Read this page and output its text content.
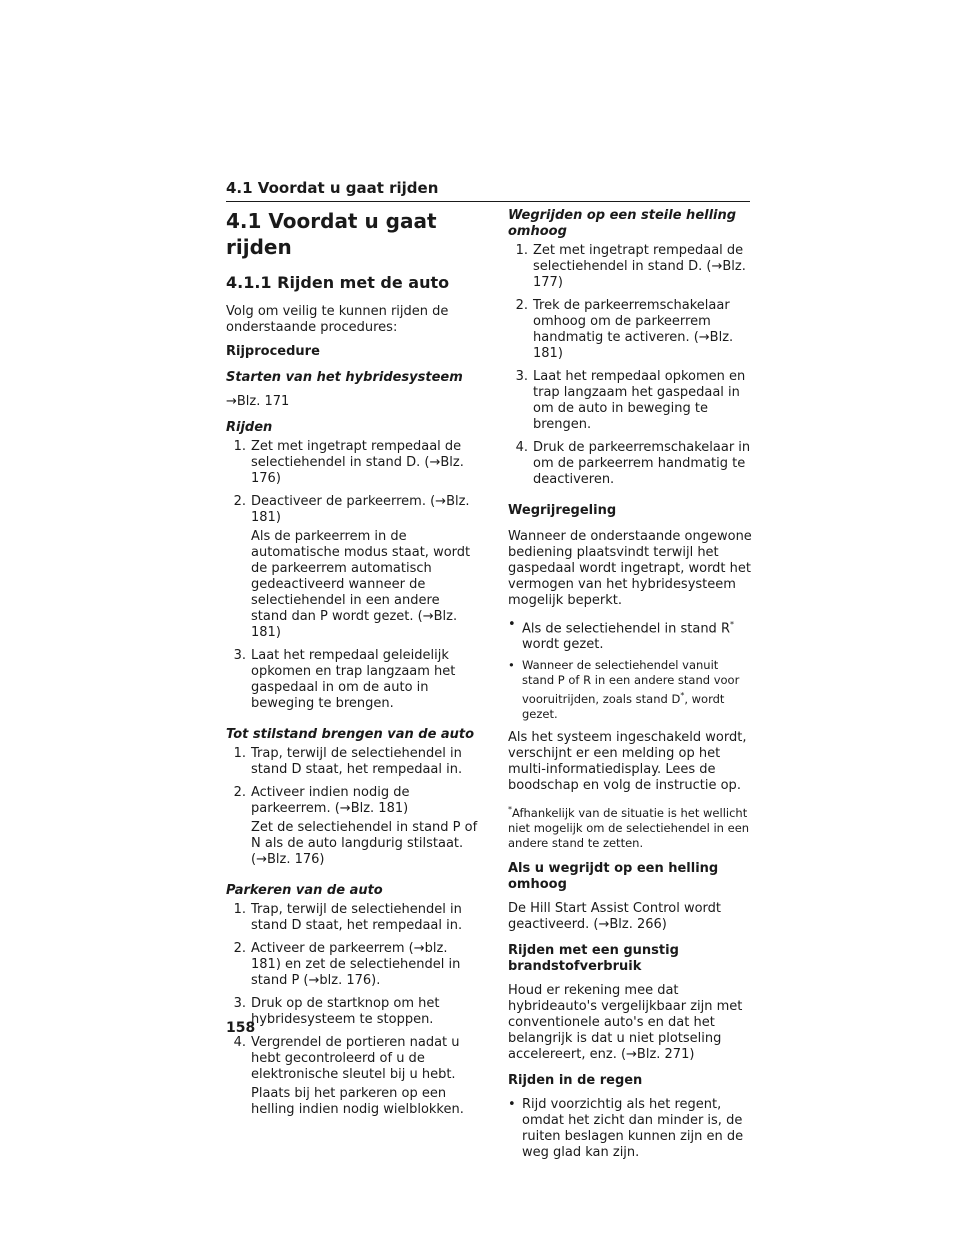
4.1 Voordat u gaat rijden
4.1 Voordat u gaat rijden
4.1.1 Rijden met de auto

Volg om veilig te kunnen rijden de onderstaande procedures:

Rijprocedure

Starten van het hybridesysteem

→Blz. 171

Rijden

1. Zet met ingetrapt rempedaal de selectiehendel in stand D. (→Blz. 176)

2. Deactiveer de parkeerrem. (→Blz. 181)

Als de parkeerrem in de automatische modus staat, wordt de parkeerrem automatisch gedeactiveerd wanneer de selectiehendel in een andere stand dan P wordt gezet. (→Blz. 181)

3. Laat het rempedaal geleidelijk opkomen en trap langzaam het gaspedaal in om de auto in beweging te brengen.

Tot stilstand brengen van de auto

1. Trap, terwijl de selectiehendel in stand D staat, het rempedaal in.

2. Activeer indien nodig de parkeerrem. (→Blz. 181)

Zet de selectiehendel in stand P of N als de auto langdurig stilstaat. (→Blz. 176)

Parkeren van de auto

1. Trap, terwijl de selectiehendel in stand D staat, het rempedaal in.

2. Activeer de parkeerrem (→blz. 181) en zet de selectiehendel in stand P (→blz. 176).

3. Druk op de startknop om het hybridesysteem te stoppen.

4. Vergrendel de portieren nadat u hebt gecontroleerd of u de elektronische sleutel bij u hebt.

Plaats bij het parkeren op een helling indien nodig wielblokken.

Wegrijden op een steile helling omhoog

1. Zet met ingetrapt rempedaal de selectiehendel in stand D. (→Blz. 177)

2. Trek de parkeerremschakelaar omhoog om de parkeerrem handmatig te activeren. (→Blz. 181)

3. Laat het rempedaal opkomen en trap langzaam het gaspedaal in om de auto in beweging te brengen.

4. Druk de parkeerremschakelaar in om de parkeerrem handmatig te deactiveren.

Wegrijregeling

Wanneer de onderstaande ongewone bediening plaatsvindt terwijl het gaspedaal wordt ingetrapt, wordt het vermogen van het hybridesysteem mogelijk beperkt.

• Als de selectiehendel in stand R*
wordt gezet.
• Wanneer de selectiehendel vanuit stand P of R in een andere stand voor vooruitrijden, zoals stand D*, wordt gezet.

Als het systeem ingeschakeld wordt, verschijnt er een melding op het multi-informatiedisplay. Lees de boodschap en volg de instructie op.

*Afhankelijk van de situatie is het wellicht niet mogelijk om de selectiehendel in een andere stand te zetten.

Als u wegrijdt op een helling omhoog

De Hill Start Assist Control wordt geactiveerd. (→Blz. 266)

Rijden met een gunstig brandstofverbruik

Houd er rekening mee dat hybrideauto's vergelijkbaar zijn met conventionele auto's en dat het belangrijk is dat u niet plotseling accelereert, enz. (→Blz. 271)

Rijden in de regen

• Rijd voorzichtig als het regent, omdat het zicht dan minder is, de ruiten beslagen kunnen zijn en de weg glad kan zijn.
158
